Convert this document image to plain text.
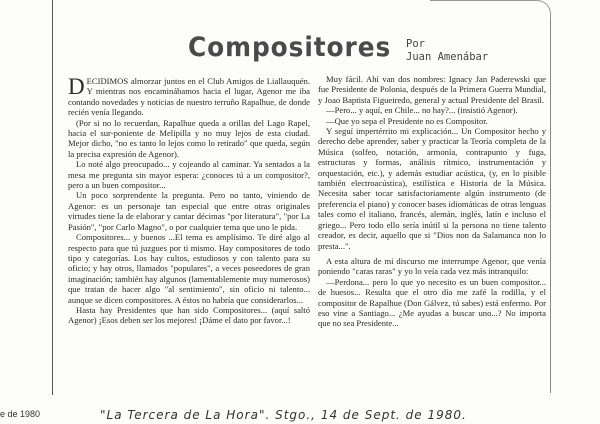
Compositores Por
Juan Amenábar

DECIDIMOS almorzar juntos en el Club Amigos de Liallauquén. Y mientras nos encaminábamos hacia el lugar, Agenor me iba contando novedades y noticias de nuestro terruño Rapalhue, de donde recién venía llegando.

(Por si no lo recuerdan, Rapalhue queda a orillas del Lago Rapel, hacia el sur-poniente de Melipilla y no muy lejos de esta ciudad. Mejor dicho, "no es tanto lo lejos como lo retirado" que queda, según la precisa expresión de Agenor).

Lo noté algo preocupado... y cojeando al caminar. Ya sentados a la mesa me pregunta sin mayor espera: ¿conoces tú a un compositor?, pero a un buen compositor...

Un poco sorprendente la pregunta. Pero no tanto, viniendo de Agenor: es un personaje tan especial que entre otras originales virtudes tiene la de elaborar y cantar décimas "por literatura", "por La Pasión", "por Carlo Magno", o por cualquier tema que uno le pida.

Compositores... y buenos ...El tema es amplísimo. Te diré algo al respecto para que tú juzgues por ti mismo. Hay compositores de todo tipo y categorías. Los hay cultos, estudiosos y con talento para su oficio; y hay otros, llamados "populares", a veces poseedores de gran imaginación; también hay algunos (lamentablemente muy numerosos) que tratan de hacer algo "al sentimiento", sin oficio ni talento... aunque se dicen compositores. A éstos no habría que considerarlos...

Hasta hay Presidentes que han sido Compositores... (aquí saltó Agenor) ¡Esos deben ser los mejores! ¡Dáme el dato por favor...!

Muy fácil. Ahí van dos nombres: Ignacy Jan Paderewski que fue Presidente de Polonia, después de la Primera Guerra Mundial, y Joao Baptista Figueiredo, general y actual Presidente del Brasil.

—Pero... y aquí, en Chile... no hay?... (insistió Agenor).

—Que yo sepa el Presidente no es Compositor.

Y seguí impertérrito mi explicación... Un Compositor hecho y derecho debe aprender, saber y practicar la Teoría completa de la Música (solfeo, notación, armonía, contrapunto y fuga, estructuras y formas, análisis rítmico, instrumentación y orquestación, etc.), y además estudiar acústica, (y, en lo pisible también electroacústica), estilística e Historia de la Música. Necesita saber tocar satisfactoriamente algún instrumento (de preferencia el piano) y conocer bases idiomáticas de otras lenguas tales como el italiano, francés, alemán, inglés, latín e incluso el griego... Pero todo ello sería inútil si la persona no tiene talento creador, es decir, aquello que si "Dios non da Salamanca non lo presta...".

A esta altura de mi discurso me interrumpe Agenor, que venía poniendo "caras raras" y yo lo veía cada vez más intranquilo:

—Perdona... pero lo que yo necesito es un buen compositor... de huesos... Resulta que el otro día me zafé la rodilla, y el compositor de Rapalhue (Don Gálvez, tú sabes) está enfermo. Por eso vine a Santiago... ¿Me ayudas a buscar uno...? No importa que no sea Presidente...

e de 1980	"La Tercera de La Hora". Stgo., 14 de Sept. de 1980.
